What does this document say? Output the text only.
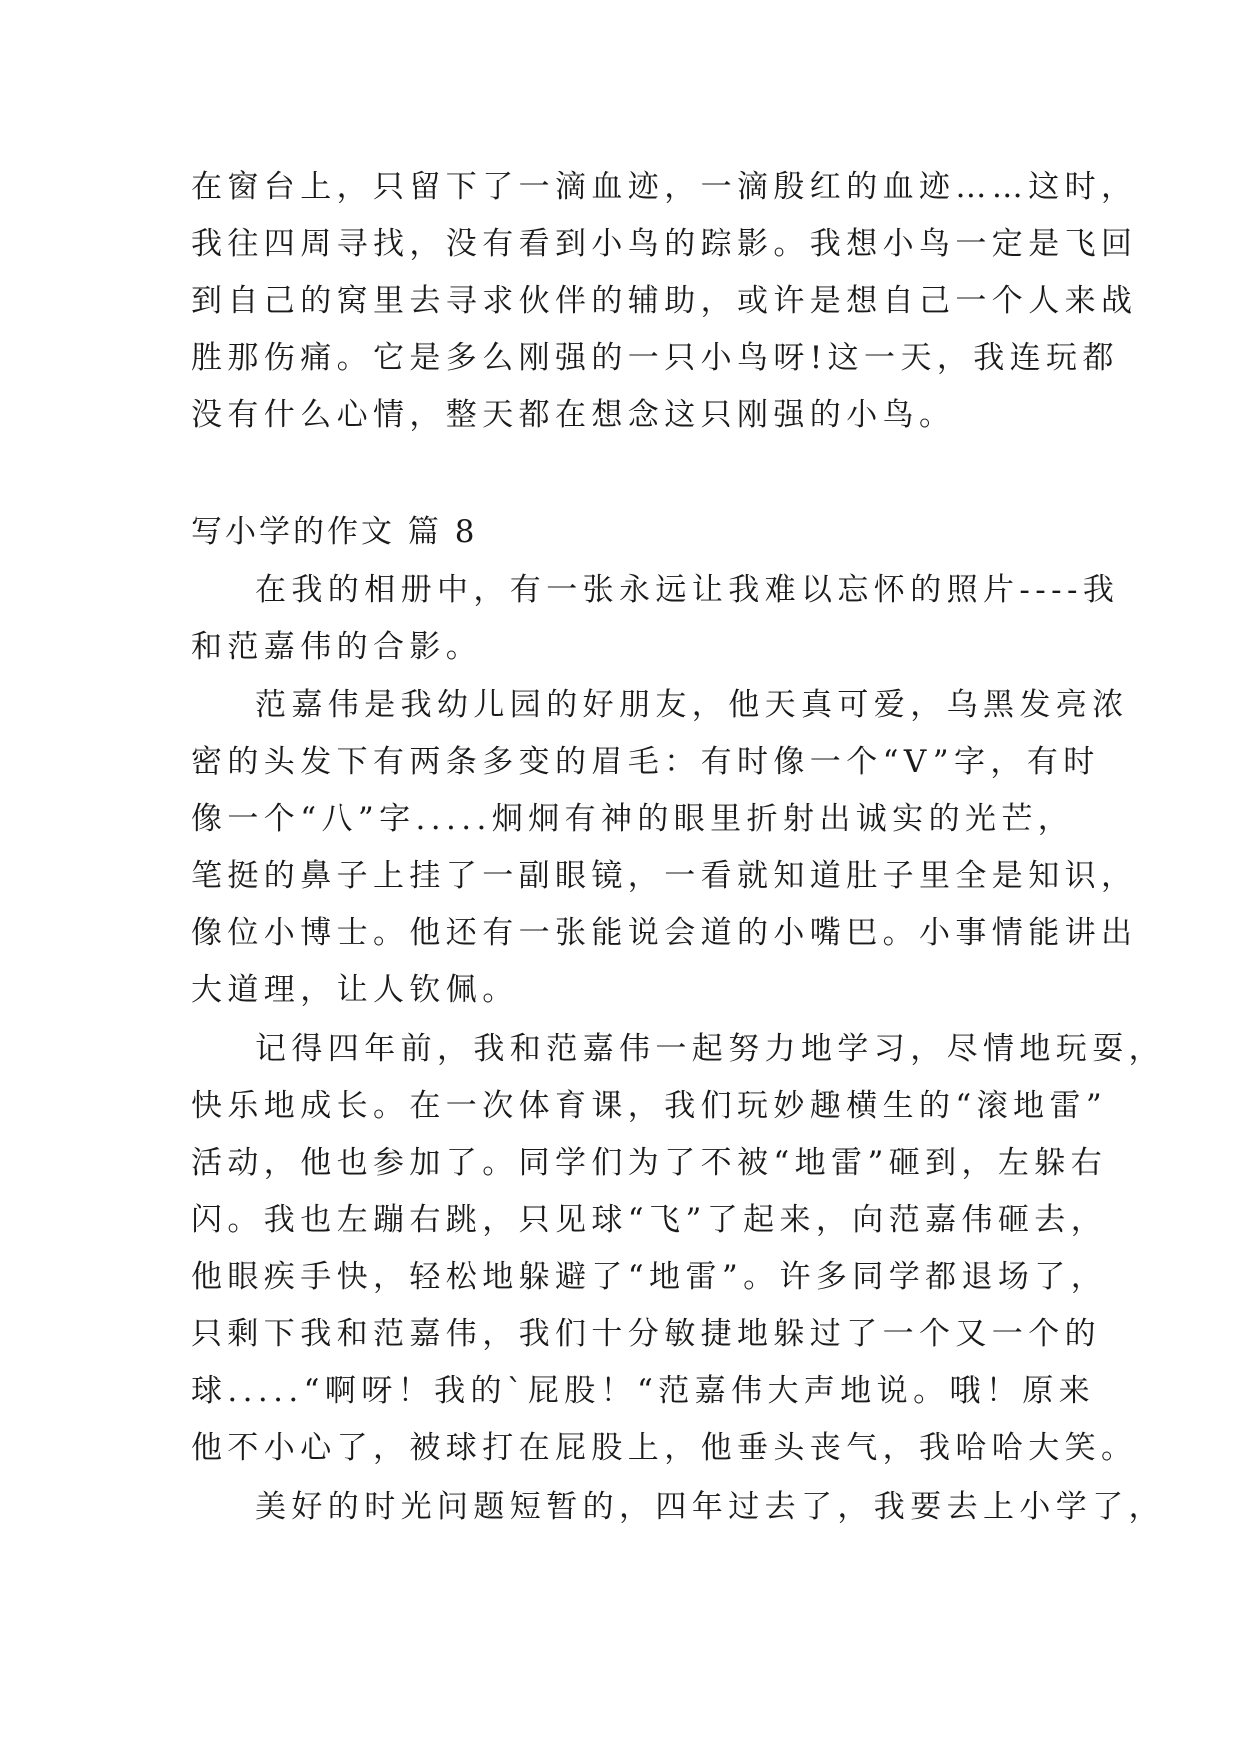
在窗台上，只留下了一滴血迹，一滴殷红的血迹……这时，
我往四周寻找，没有看到小鸟的踪影。我想小鸟一定是飞回
到自己的窝里去寻求伙伴的辅助，或许是想自己一个人来战
胜那伤痛。它是多么刚强的一只小鸟呀!这一天，我连玩都
没有什么心情，整天都在想念这只刚强的小鸟。
写小学的作文 篇 8
在我的相册中，有一张永远让我难以忘怀的照片----我
和范嘉伟的合影。
范嘉伟是我幼儿园的好朋友，他天真可爱，乌黑发亮浓
密的头发下有两条多变的眉毛：有时像一个“V”字，有时
像一个“八”字.....炯炯有神的眼里折射出诚实的光芒，
笔挺的鼻子上挂了一副眼镜，一看就知道肚子里全是知识，
像位小博士。他还有一张能说会道的小嘴巴。小事情能讲出
大道理，让人钦佩。
记得四年前，我和范嘉伟一起努力地学习，尽情地玩耍，
快乐地成长。在一次体育课，我们玩妙趣横生的“滚地雷”
活动，他也参加了。同学们为了不被“地雷”砸到，左躲右
闪。我也左蹦右跳，只见球“飞”了起来，向范嘉伟砸去，
他眼疾手快，轻松地躲避了“地雷”。许多同学都退场了，
只剩下我和范嘉伟，我们十分敏捷地躲过了一个又一个的
球.....“啊呀！我的`屁股！“范嘉伟大声地说。哦！原来
他不小心了，被球打在屁股上，他垂头丧气，我哈哈大笑。
美好的时光问题短暂的，四年过去了，我要去上小学了，
